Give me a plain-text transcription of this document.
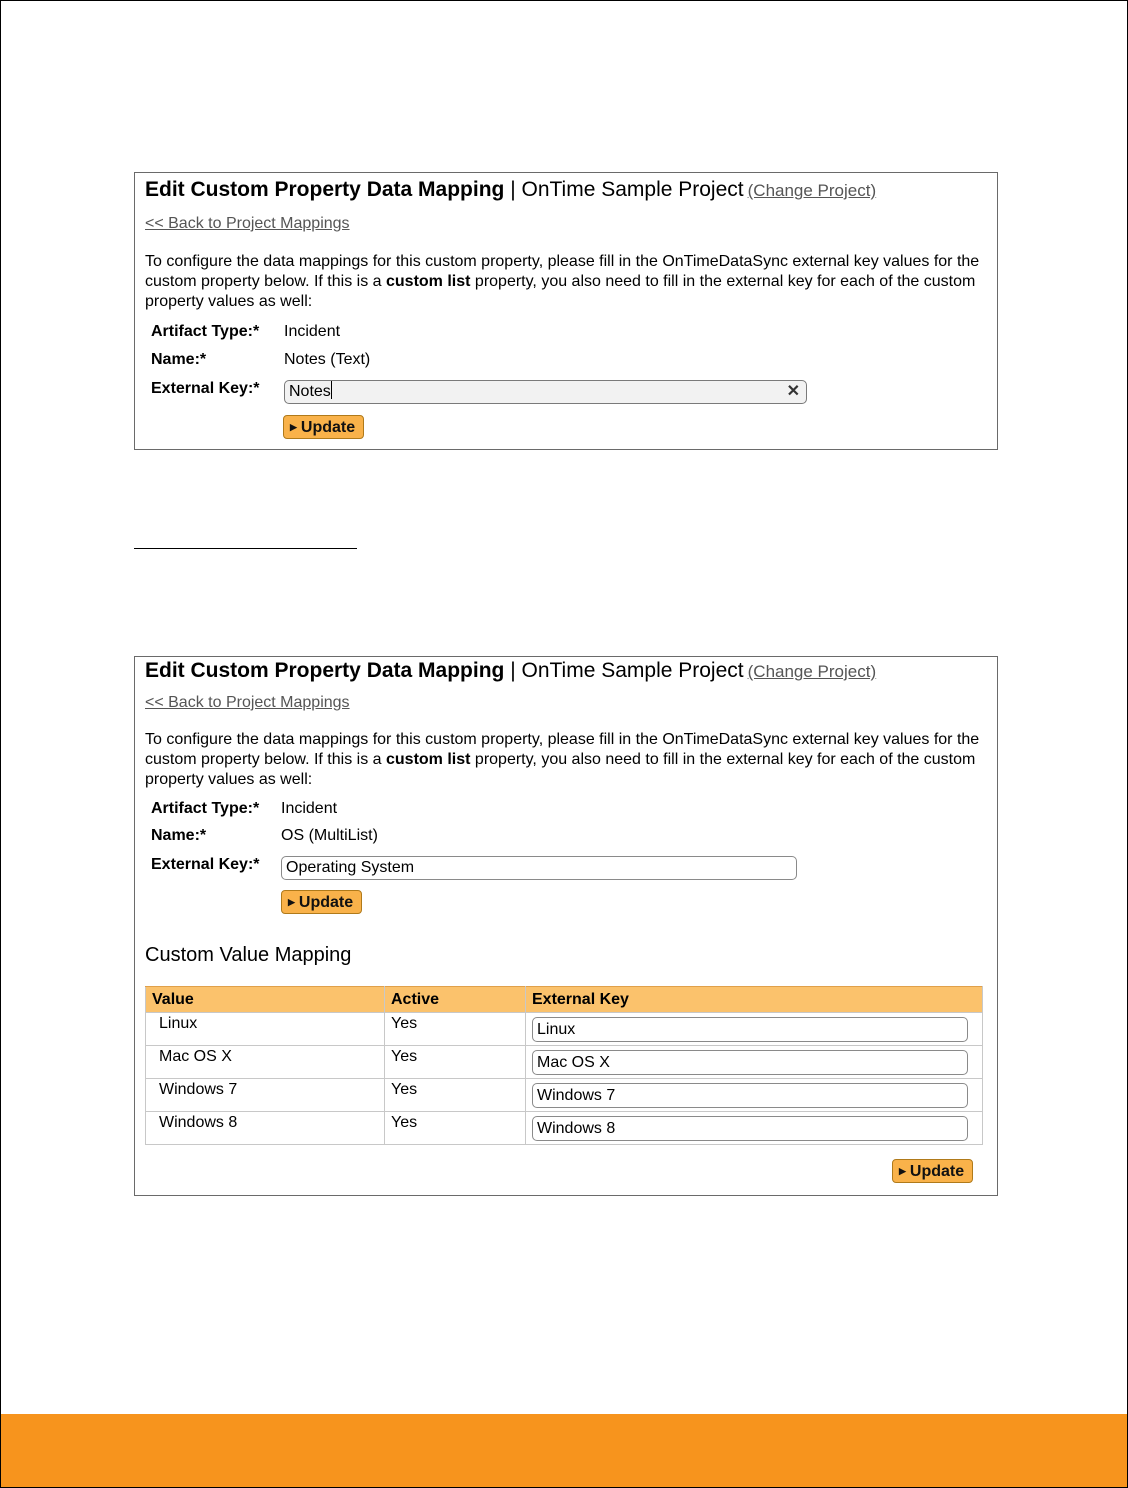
Edit Custom Property Data Mapping | OnTime Sample Project (Change Project)
<< Back to Project Mappings
To configure the data mappings for this custom property, please fill in the OnTimeDataSync external key values for the custom property below. If this is a custom list property, you also need to fill in the external key for each of the custom property values as well:
Artifact Type:* Incident
Name:*	Notes (Text)
External Key:*	Notes	✕
▶ Update
Edit Custom Property Data Mapping | OnTime Sample Project (Change Project)
<< Back to Project Mappings
To configure the data mappings for this custom property, please fill in the OnTimeDataSync external key values for the custom property below. If this is a custom list property, you also need to fill in the external key for each of the custom property values as well:
Artifact Type:* Incident
Name:*	OS (MultiList)
External Key:*	Operating System
▶ Update
Custom Value Mapping
Value	Active	External Key
Linux	Yes	Linux

Mac OS X	Yes	Mac OS X

Windows 7	Yes	Windows 7

Windows 8	Yes	Windows 8
▶ Update
